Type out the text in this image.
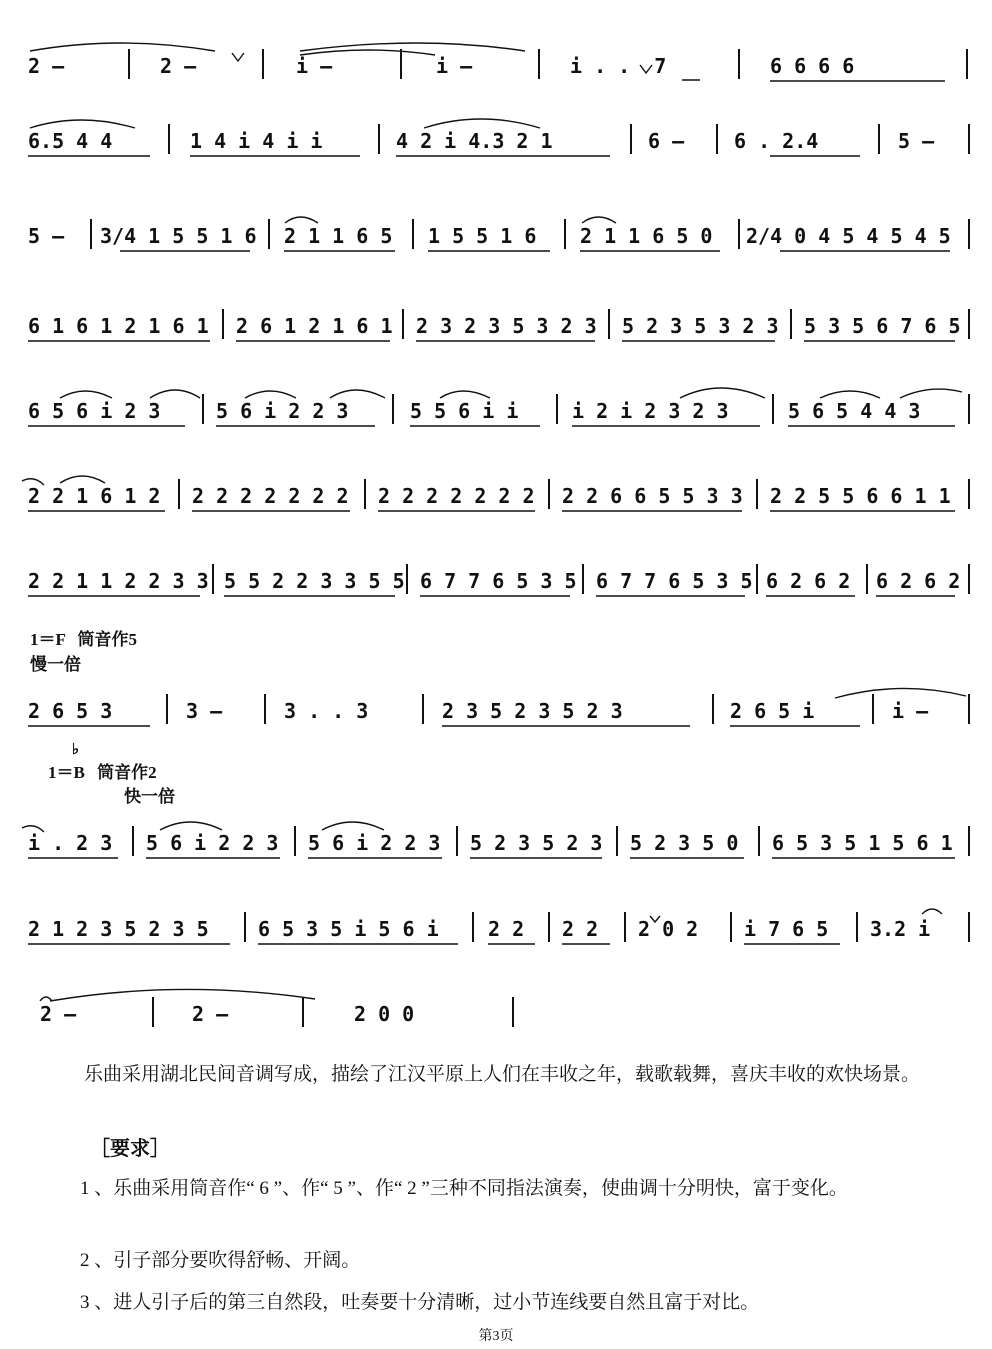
2 –	2 –	i –	i –	i . .  7	6 6 6 6
6.5 4 4	1 4 i 4 i i	4 2 i 4.3 2 1	6 – 6 . 2.4	5 –
5 – 3/4 1 5 5 1 6 2 1 1 6 5 1 5 5 1 6 2 1 1 6 5 0 2/4 0 4 5 4 5 4 5
6 1 6 1 2 1 6 1 2 6 1 2 1 6 1 2 3 2 3 5 3 2 3 5 2 3 5 3 2 3 5 3 5 6 7 6 5
6 5 6 i 2 3	5 6 i 2 2 3	5 5 6 i i	i 2 i 2 3 2 3	5 6 5 4 4 3
2 2 1 6 1 2 2 2 2 2 2 2 2 2 2 2 2 2 2 2 2 2 6 6 5 5 3 3 2 2 5 5 6 6 1 1
2 2 1 1 2 2 3 3 5 5 2 2 3 3 5 5 6 7 7 6 5 3 5 6 7 7 6 5 3 5 6 2 6 2 6 2 6 2
1＝F 筒音作5
慢一倍
2 6 5 3	3 –	3 . . 3	2 3 5 2 3 5 2 3	2 6 5 i	i –
1＝B 筒音作2
♭
快一倍
i . 2 3 5 6 i 2 2 3 5 6 i 2 2 3 5 2 3 5 2 3 5 2 3 5 0 6 5 3 5 1 5 6 1
2 1 2 3 5 2 3 5 6 5 3 5 i 5 6 i 2 2 2 2 2 0 2 i 7 6 5 3.2 i
2 –	2 –	2 0 0
乐曲采用湖北民间音调写成，描绘了江汉平原上人们在丰收之年，载歌载舞，喜庆丰收的欢快场景。
［要求］
1 、乐曲采用筒音作“ 6 ”、作“ 5 ”、作“ 2 ”三种不同指法演奏，使曲调十分明快，富于变化。
2 、引子部分要吹得舒畅、开阔。
3 、进人引子后的第三自然段，吐奏要十分清晰，过小节连线要自然且富于对比。
第3页
